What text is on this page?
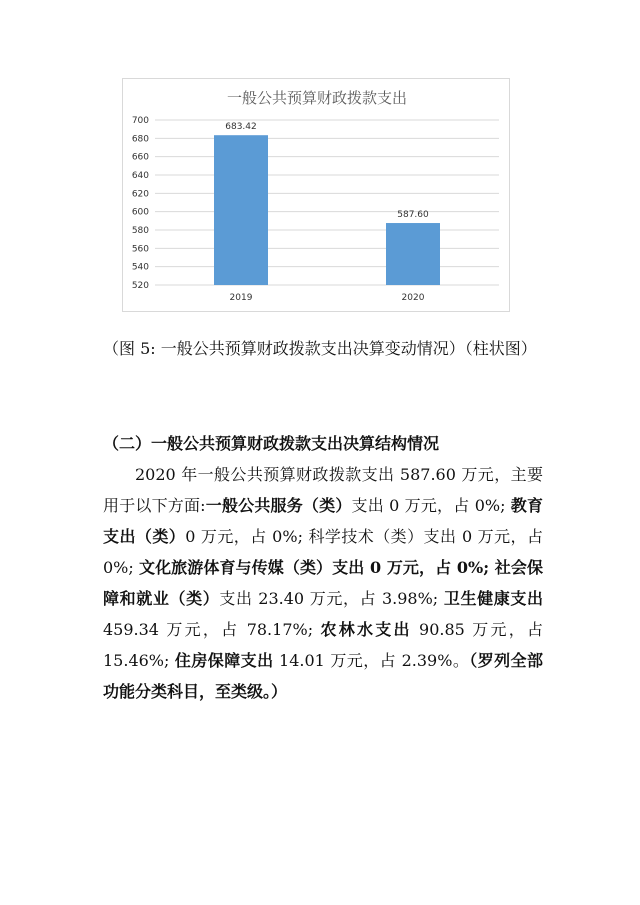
一般公共预算财政拨款支出
520
540
560
580
600
620
640
660
680
700
683.42
2019
587.60
2020

（图 5: 一般公共预算财政拨款支出决算变动情况）（柱状图）

（二）一般公共预算财政拨款支出决算结构情况

2020 年一般公共预算财政拨款支出 587.60 万元，主要用于以下方面:一般公共服务（类）支出 0 万元，占 0%; 教育支出（类）0 万元，占 0%; 科学技术（类）支出 0 万元，占 0%; 文化旅游体育与传媒（类）支出 0 万元，占 0%; 社会保障和就业（类）支出 23.40 万元，占 3.98%; 卫生健康支出 459.34 万元，占 78.17%; 农林水支出 90.85 万元，占 15.46%; 住房保障支出 14.01 万元，占 2.39%。（罗列全部功能分类科目，至类级。）
